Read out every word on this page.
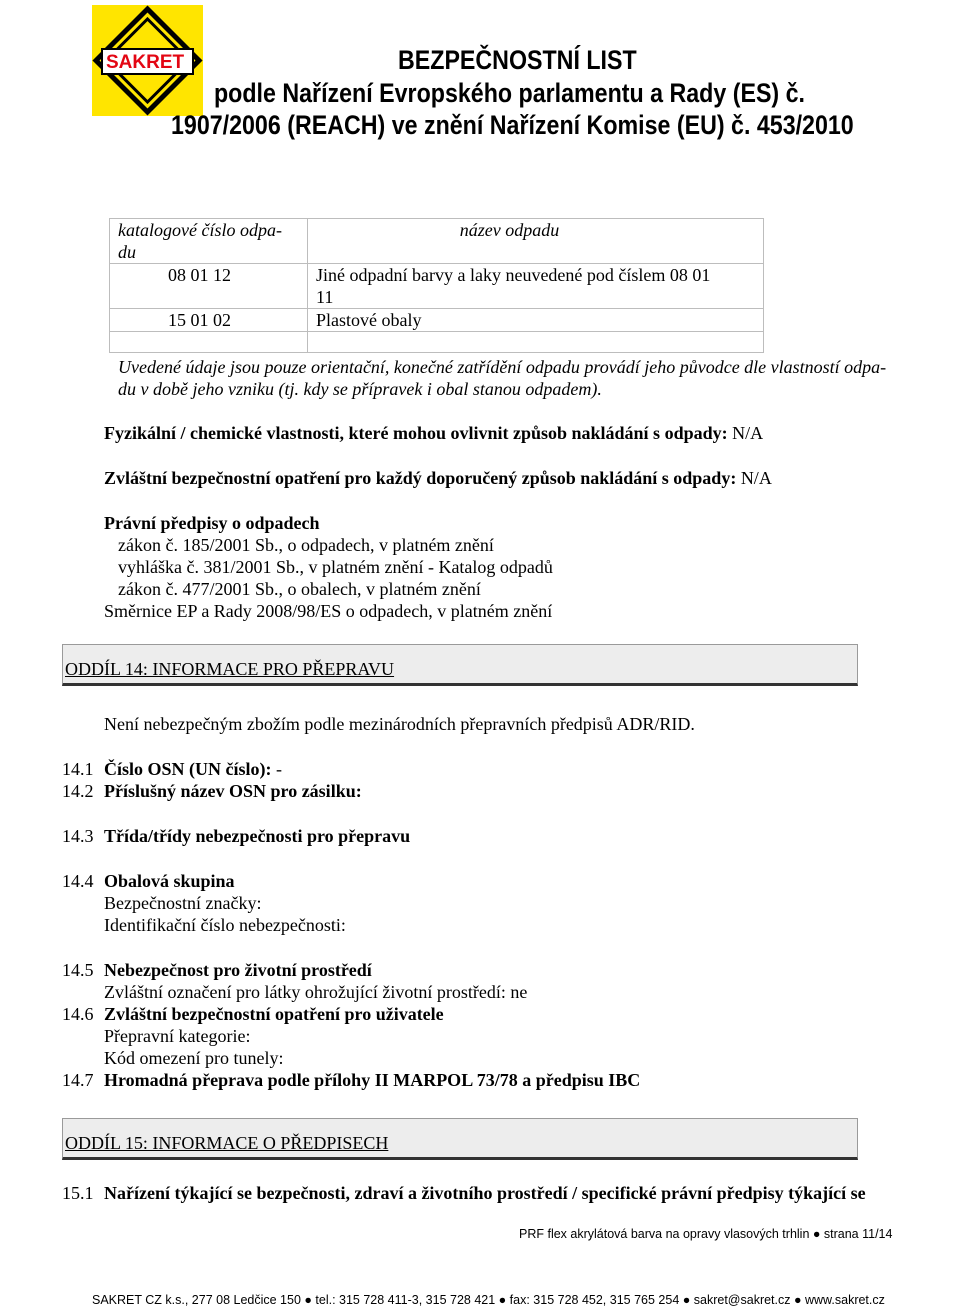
SAKRET	BEZPEČNOSTNÍ LIST
podle Nařízení Evropského parlamentu a Rady (ES) č.
1907/2006 (REACH) ve znění Nařízení Komise (EU) č. 453/2010
katalogové číslo odpa-
du	název odpadu
08 01 12	Jiné odpadní barvy a laky neuvedené pod číslem 08 01
11
15 01 02	Plastové obaly

Uvedené údaje jsou pouze orientační, konečné zatřídění odpadu provádí jeho původce dle vlastností odpa-
du v době jeho vzniku (tj. kdy se přípravek i obal stanou odpadem).
Fyzikální / chemické vlastnosti, které mohou ovlivnit způsob nakládání s odpady: N/A
Zvláštní bezpečnostní opatření pro každý doporučený způsob nakládání s odpady: N/A
Právní předpisy o odpadech
zákon č. 185/2001 Sb., o odpadech, v platném znění
vyhláška č. 381/2001 Sb., v platném znění - Katalog odpadů
zákon č. 477/2001 Sb., o obalech, v platném znění
Směrnice EP a Rady 2008/98/ES o odpadech, v platném znění
ODDÍL 14: INFORMACE PRO PŘEPRAVU
Není nebezpečným zbožím podle mezinárodních přepravních předpisů ADR/RID.
14.1 Číslo OSN (UN číslo): -
14.2 Příslušný název OSN pro zásilku:
14.3 Třída/třídy nebezpečnosti pro přepravu
14.4 Obalová skupina
Bezpečnostní značky:
Identifikační číslo nebezpečnosti:
14.5 Nebezpečnost pro životní prostředí
Zvláštní označení pro látky ohrožující životní prostředí: ne
14.6 Zvláštní bezpečnostní opatření pro uživatele
Přepravní kategorie:
Kód omezení pro tunely:
14.7 Hromadná přeprava podle přílohy II MARPOL 73/78 a předpisu IBC
ODDÍL 15: INFORMACE O PŘEDPISECH
15.1 Nařízení týkající se bezpečnosti, zdraví a životního prostředí / specifické právní předpisy týkající se
PRF flex akrylátová barva na opravy vlasových trhlin ● strana 11/14
SAKRET CZ k.s., 277 08 Ledčice 150 ● tel.: 315 728 411-3, 315 728 421 ● fax: 315 728 452, 315 765 254 ● sakret@sakret.cz ● www.sakret.cz
